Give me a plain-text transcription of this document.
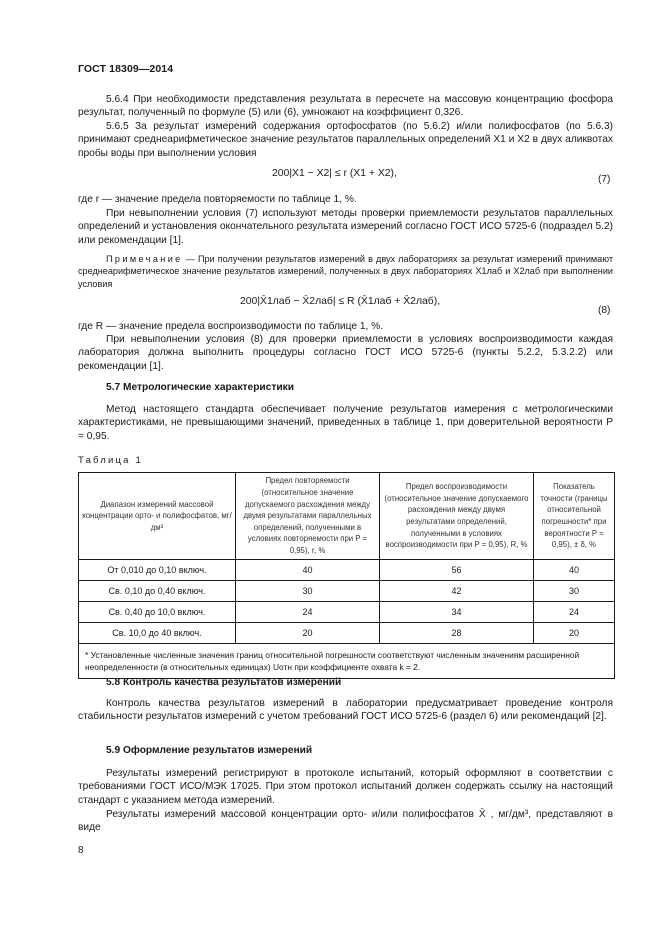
ГОСТ 18309—2014
5.6.4 При необходимости представления результата в пересчете на массовую концентрацию фосфора результат, полученный по формуле (5) или (6), умножают на коэффициент 0,326.
5.6.5 За результат измерений содержания ортофосфатов (по 5.6.2) и/или полифосфатов (по 5.6.3) принимают среднеарифметическое значение результатов параллельных определений X1 и X2 в двух аликвотах пробы воды при выполнении условия
200|X1 − X2| ≤ r (X1 + X2),
(7)
где r — значение предела повторяемости по таблице 1, %.
При невыполнении условия (7) используют методы проверки приемлемости результатов параллельных определений и установления окончательного результата измерений согласно ГОСТ ИСО 5725-6 (подраздел 5.2) или рекомендации [1].
Примечание — При получении результатов измерений в двух лабораториях за результат измерений принимают среднеарифметическое значение результатов измерений, полученных в двух лабораториях X1лаб и X2лаб при выполнении условия
200|X̄1лаб − X̄2лаб| ≤ R (X̄1лаб + X̄2лаб),
(8)
где R — значение предела воспроизводимости по таблице 1, %.
При невыполнении условия (8) для проверки приемлемости в условиях воспроизводимости каждая лаборатория должна выполнить процедуры согласно ГОСТ ИСО 5725-6 (пункты 5.2.2, 5.3.2.2) или рекомендации [1].
5.7 Метрологические характеристики
Метод настоящего стандарта обеспечивает получение результатов измерения с метрологическими характеристиками, не превышающими значений, приведенных в таблице 1, при доверительной вероятности P = 0,95.
Таблица 1
Диапазон измерений массовой концентрации орто- и полифосфатов, мг/дм³	Предел повторяемости (относительное значение допускаемого расхождения между двумя результатами параллельных определений, полученными в условиях повторяемости при P = 0,95), r, %	Предел воспроизводимости (относительное значение допускаемого расхождения между двумя результатами определений, полученными в условиях воспроизводимости при P = 0,95), R, %	Показатель точности (границы относительной погрешности* при вероятности P = 0,95), ± δ, %
От 0,010 до 0,10 включ.	40	56	40
Св. 0,10 до 0,40 включ.	30	42	30
Св. 0,40 до 10,0 включ.	24	34	24
Св. 10,0 до 40 включ.	20	28	20
* Установленные численные значения границ относительной погрешности соответствуют численным значениям расширенной неопределенности (в относительных единицах) Uотн при коэффициенте охвата k = 2.			
5.8 Контроль качества результатов измерений
Контроль качества результатов измерений в лаборатории предусматривает проведение контроля стабильности результатов измерений с учетом требований ГОСТ ИСО 5725-6 (раздел 6) или рекомендаций [2].
5.9 Оформление результатов измерений
Результаты измерений регистрируют в протоколе испытаний, который оформляют в соответствии с требованиями ГОСТ ИСО/МЭК 17025. При этом протокол испытаний должен содержать ссылку на настоящий стандарт с указанием метода измерений.
Результаты измерений массовой концентрации орто- и/или полифосфатов X̄ , мг/дм³, представляют в виде
8
